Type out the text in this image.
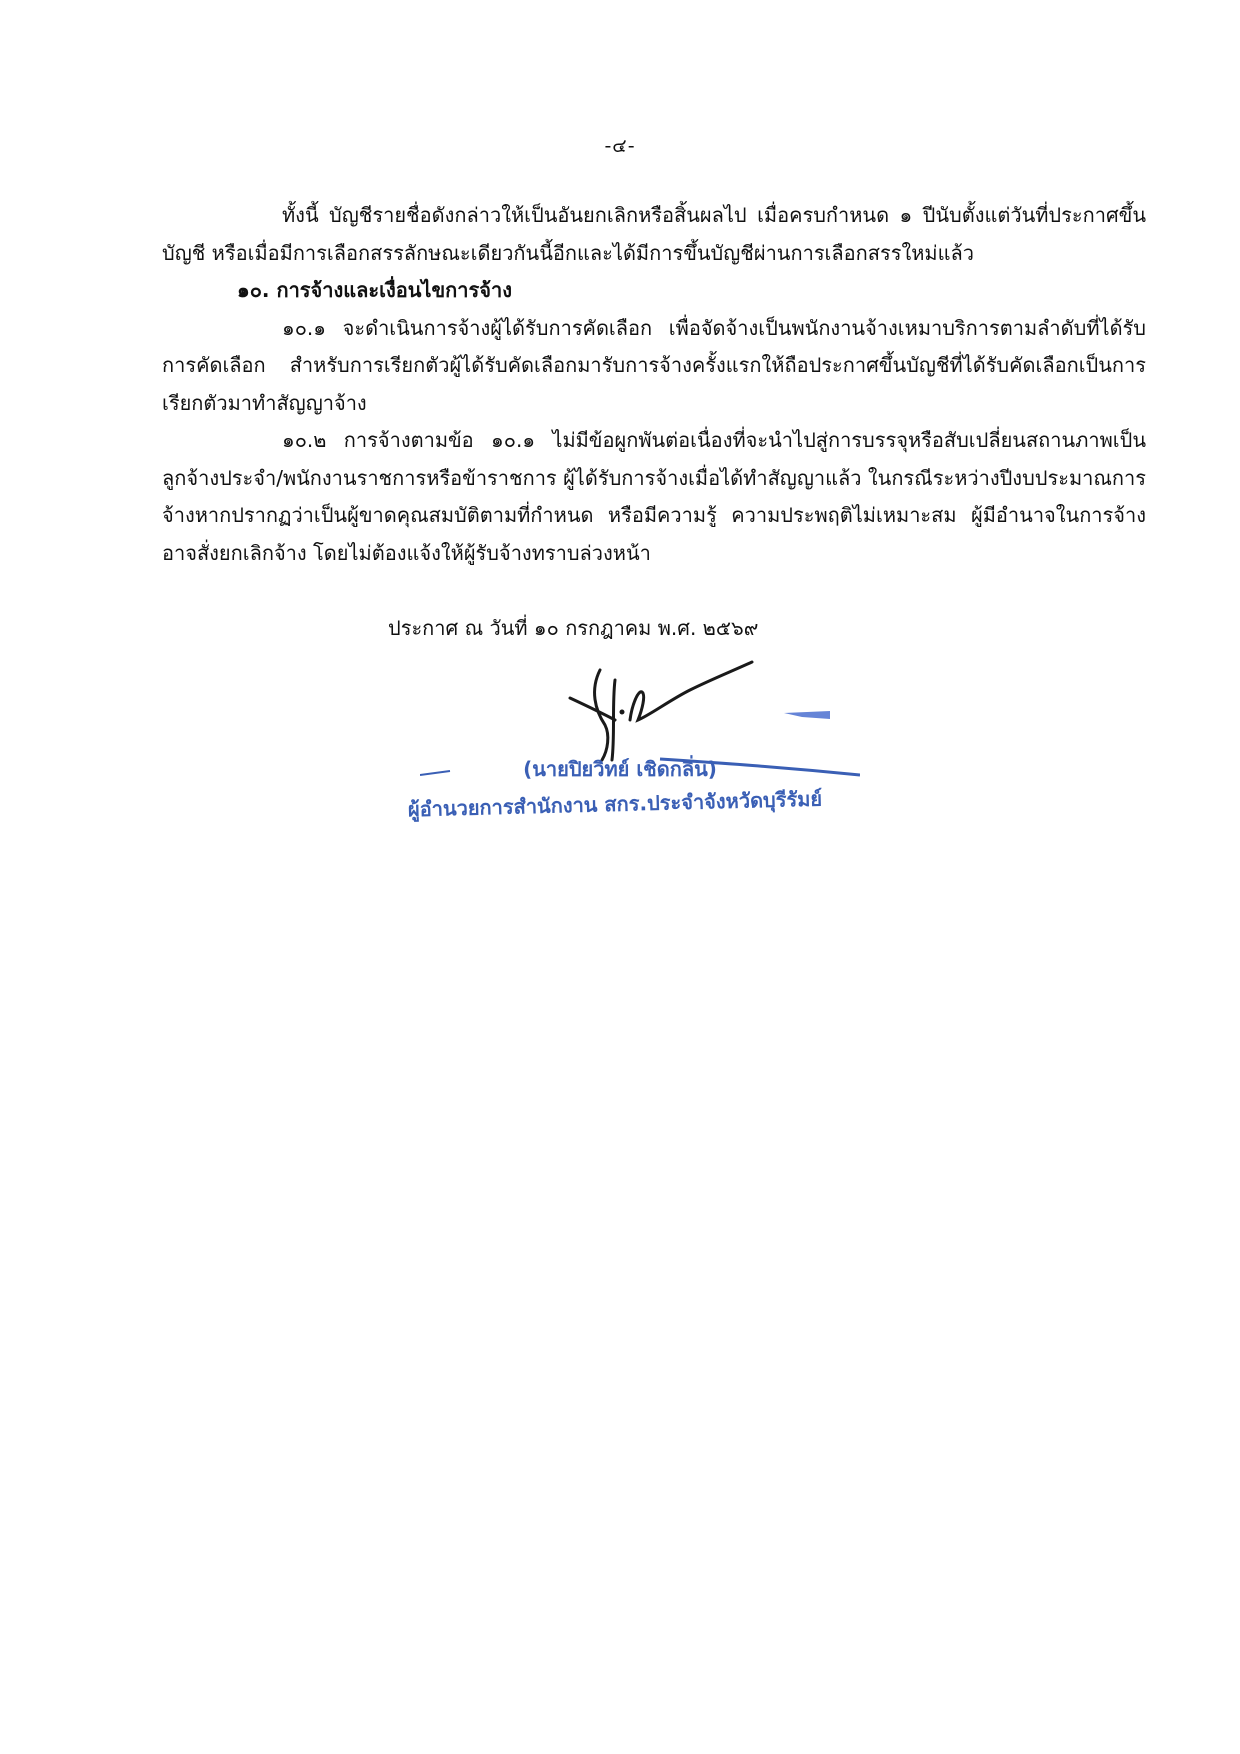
-๔-

ทั้งนี้ บัญชีรายชื่อดังกล่าวให้เป็นอันยกเลิกหรือสิ้นผลไป เมื่อครบกำหนด ๑ ปีนับตั้งแต่วันที่ประกาศขึ้นบัญชี หรือเมื่อมีการเลือกสรรลักษณะเดียวกันนี้อีกและได้มีการขึ้นบัญชีผ่านการเลือกสรรใหม่แล้ว

๑๐. การจ้างและเงื่อนไขการจ้าง

๑๐.๑ จะดำเนินการจ้างผู้ได้รับการคัดเลือก เพื่อจัดจ้างเป็นพนักงานจ้างเหมาบริการตามลำดับที่ได้รับการคัดเลือก สำหรับการเรียกตัวผู้ได้รับคัดเลือกมารับการจ้างครั้งแรกให้ถือประกาศขึ้นบัญชีที่ได้รับคัดเลือกเป็นการเรียกตัวมาทำสัญญาจ้าง

๑๐.๒ การจ้างตามข้อ ๑๐.๑ ไม่มีข้อผูกพันต่อเนื่องที่จะนำไปสู่การบรรจุหรือสับเปลี่ยนสถานภาพเป็นลูกจ้างประจำ/พนักงานราชการหรือข้าราชการ ผู้ได้รับการจ้างเมื่อได้ทำสัญญาแล้ว ในกรณีระหว่างปีงบประมาณการจ้างหากปรากฏว่าเป็นผู้ขาดคุณสมบัติตามที่กำหนด หรือมีความรู้ ความประพฤติไม่เหมาะสม ผู้มีอำนาจในการจ้างอาจสั่งยกเลิกจ้าง โดยไม่ต้องแจ้งให้ผู้รับจ้างทราบล่วงหน้า

ประกาศ ณ วันที่ ๑๐ กรกฎาคม พ.ศ. ๒๕๖๙
(นายปิยวิทย์ เชิดกลิ่น)
ผู้อำนวยการสำนักงาน สกร.ประจำจังหวัดบุรีรัมย์
